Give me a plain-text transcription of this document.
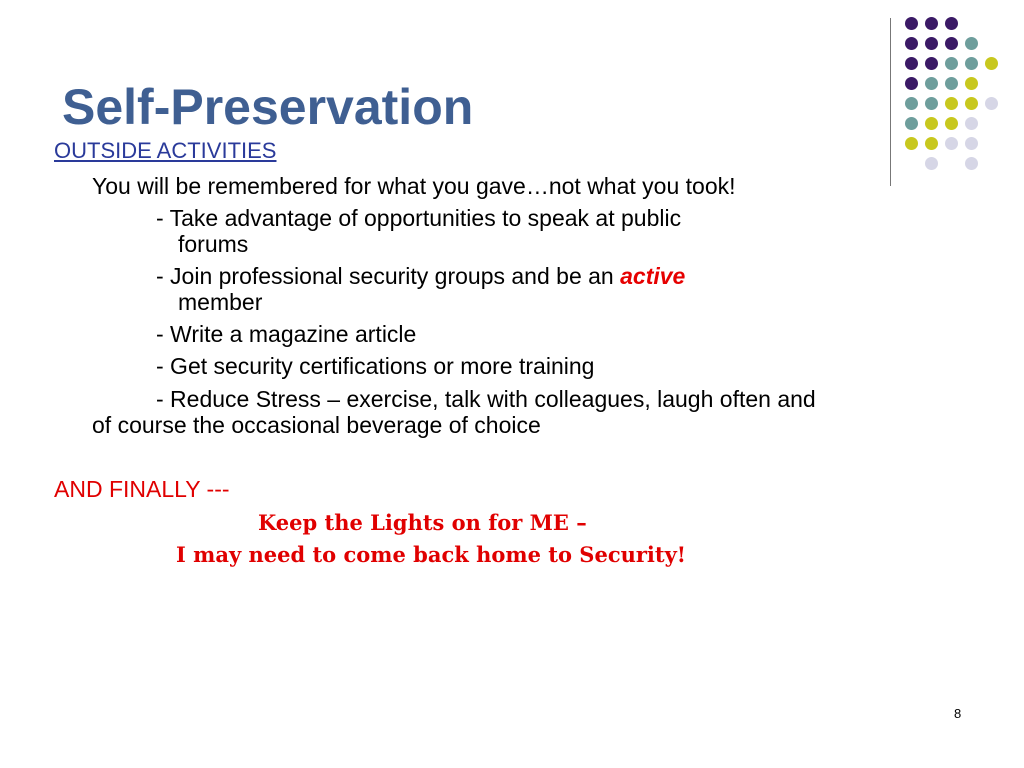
Self-Preservation
OUTSIDE ACTIVITIES
You will be remembered for what you gave…not what you took!
- Take advantage of opportunities to speak at public
forums
- Join professional security groups and be an active
member
- Write a magazine article
- Get security certifications or more training
- Reduce Stress – exercise, talk with colleagues, laugh often and
of course the occasional beverage of choice
AND FINALLY ---
Keep the Lights on for ME –
I may need to come back home to Security!
8
